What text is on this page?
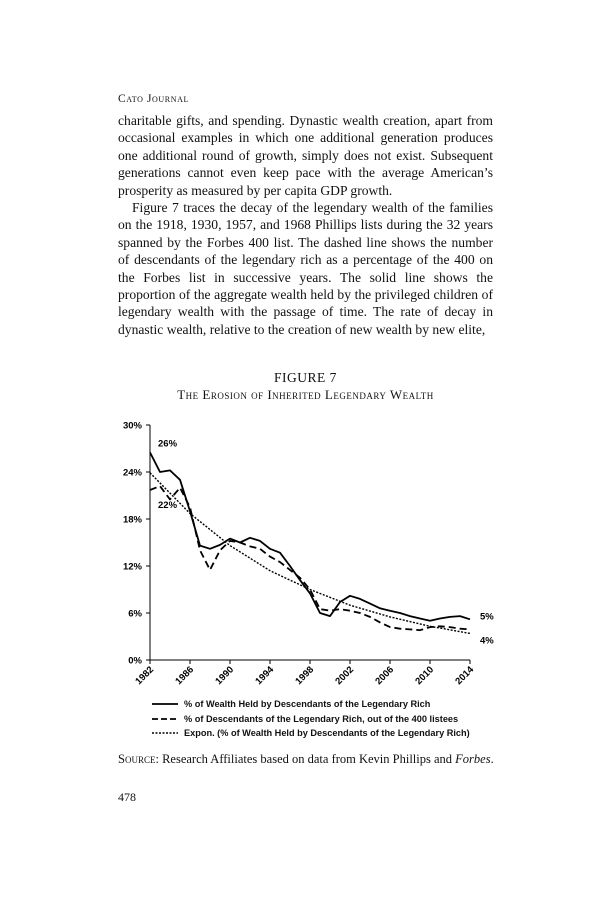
Cato Journal

charitable gifts, and spending. Dynastic wealth creation, apart from occasional examples in which one additional generation produces one additional round of growth, simply does not exist. Subsequent generations cannot even keep pace with the average American’s prosperity as measured by per capita GDP growth.

Figure 7 traces the decay of the legendary wealth of the families on the 1918, 1930, 1957, and 1968 Phillips lists during the 32 years spanned by the Forbes 400 list. The dashed line shows the number of descendants of the legendary rich as a percentage of the 400 on the Forbes list in successive years. The solid line shows the proportion of the aggregate wealth held by the privileged children of legendary wealth with the passage of time. The rate of decay in dynastic wealth, relative to the creation of new wealth by new elite,

FIGURE 7
The Erosion of Inherited Legendary Wealth
0%
6%
12%
18%
24%
30%
1982 1986 1990 1994 1998 2002 2006 2010 2014
26%
22%
5%
4%
% of Wealth Held by Descendants of the Legendary Rich
% of Descendants of the Legendary Rich, out of the 400 listees
Expon. (% of Wealth Held by Descendants of the Legendary Rich)
Source: Research Affiliates based on data from Kevin Phillips and Forbes.
478
